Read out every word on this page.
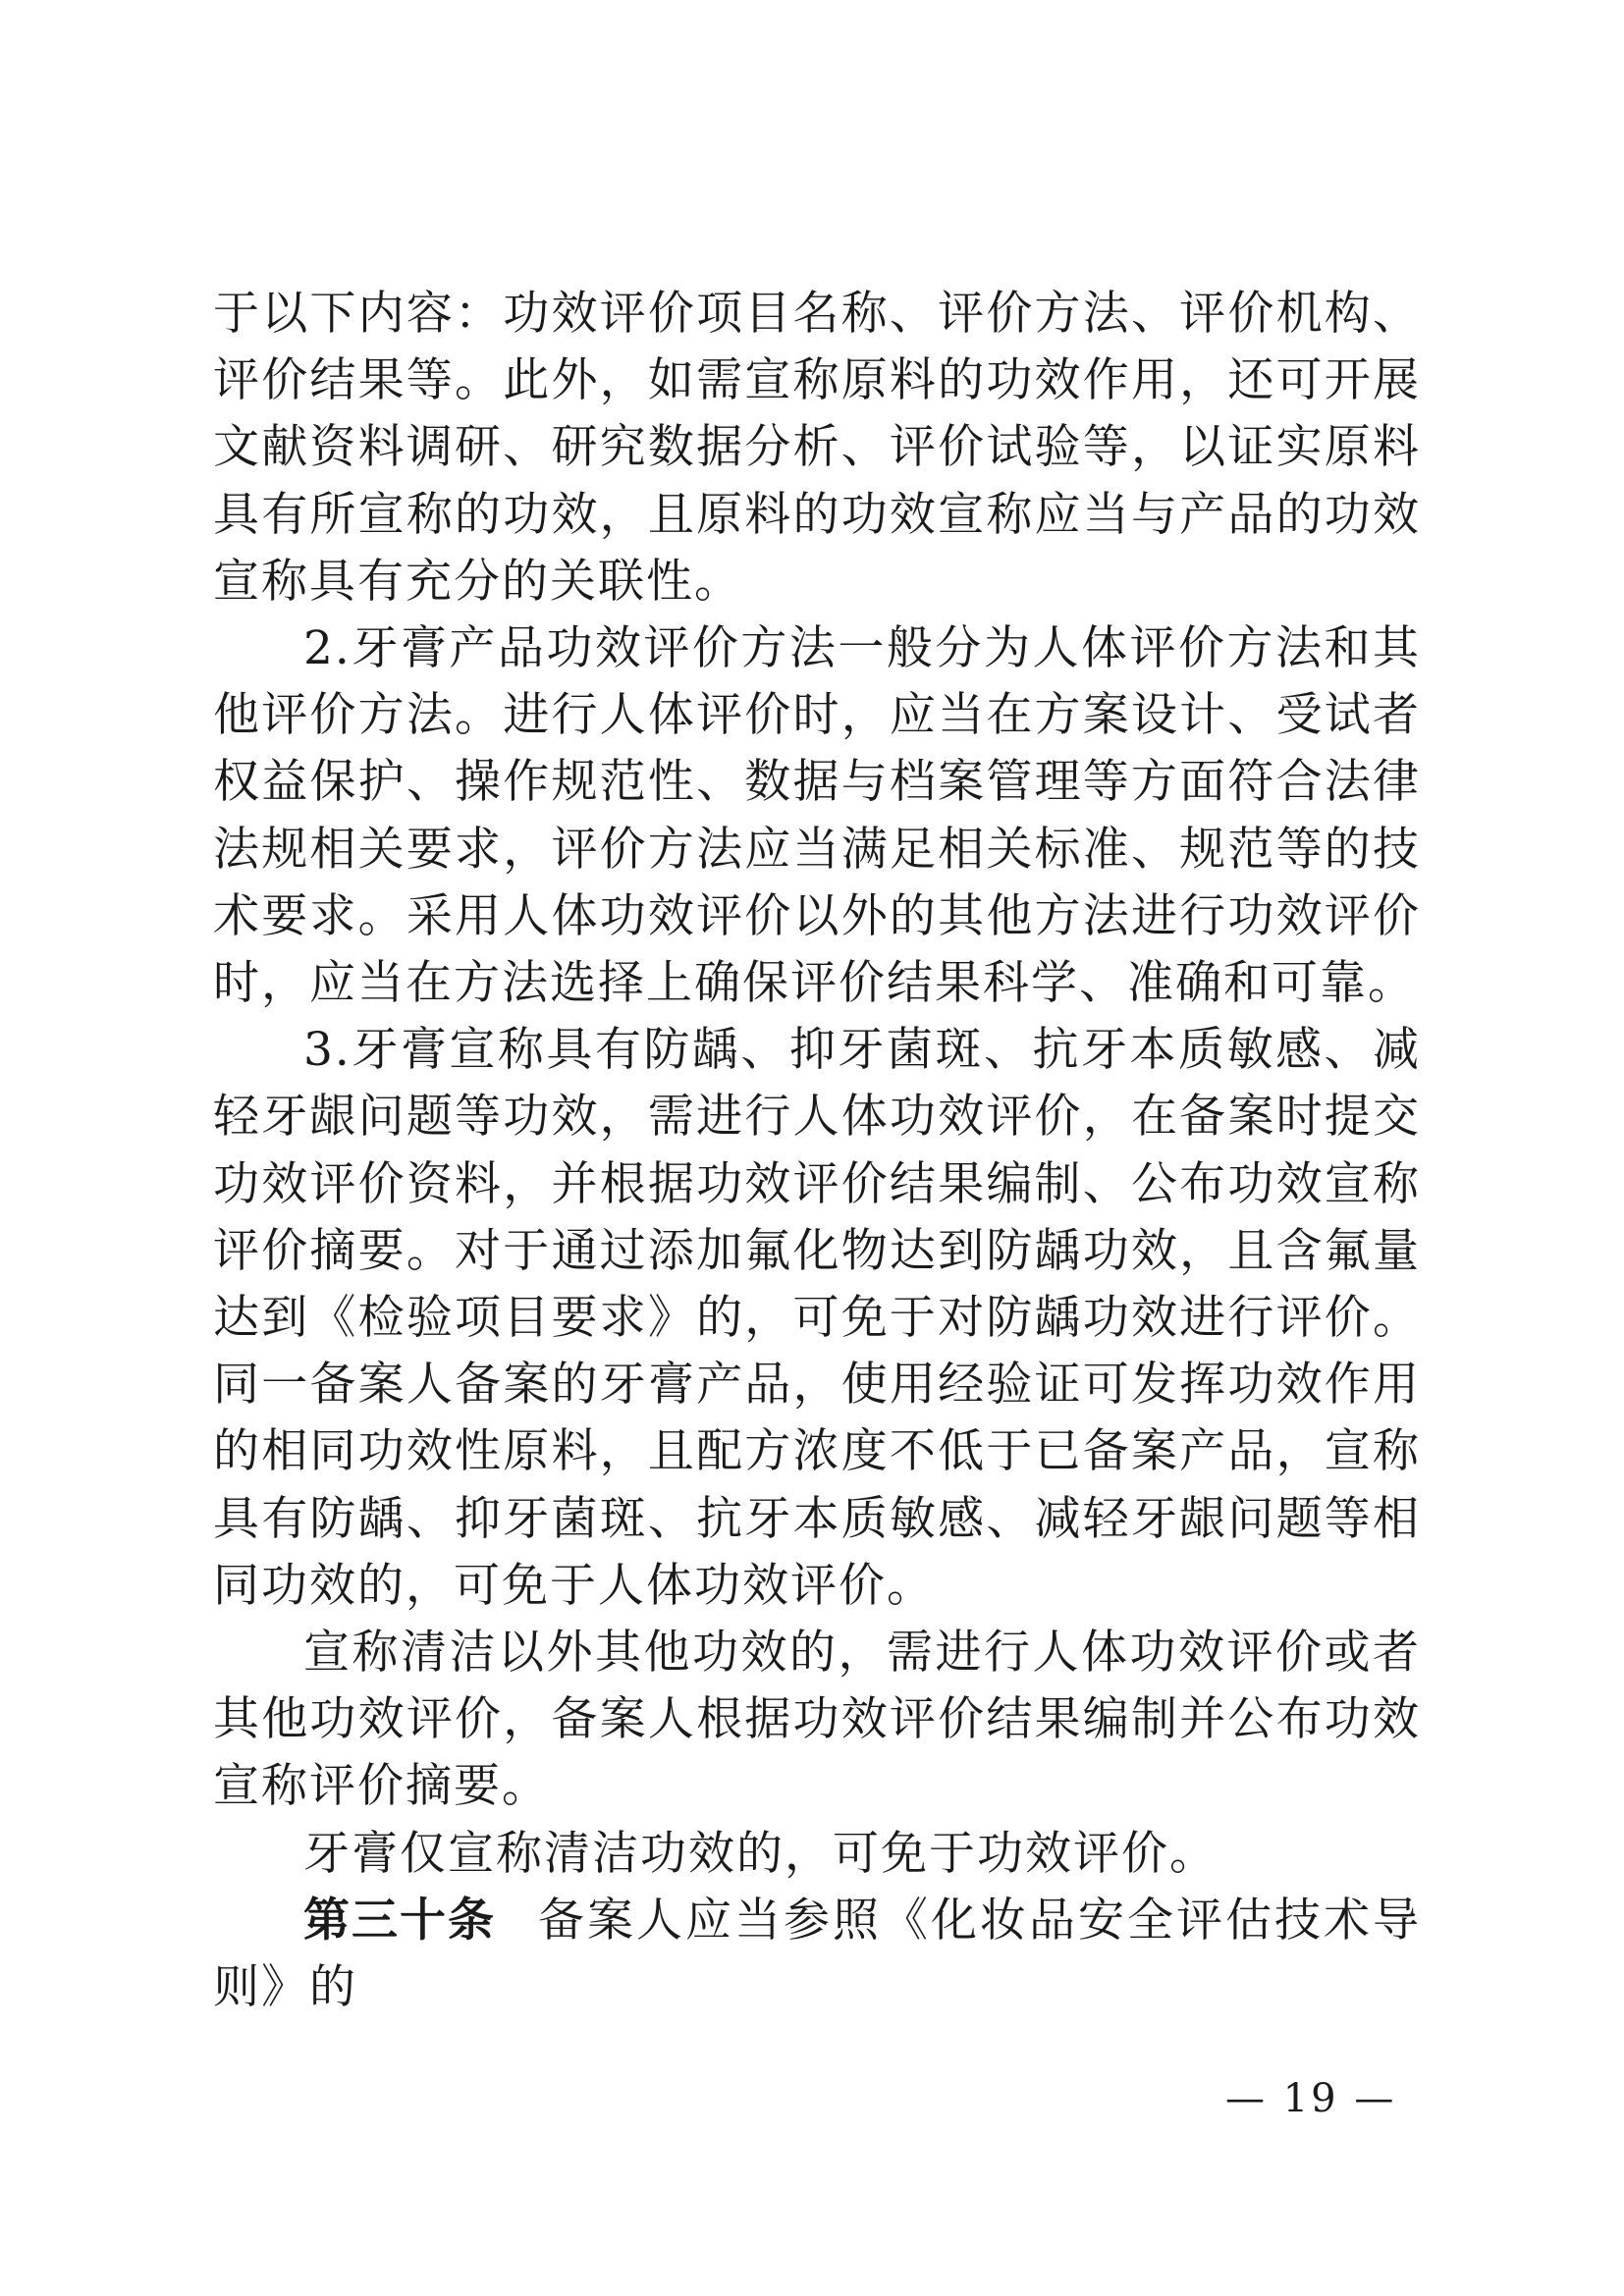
于以下内容：功效评价项目名称、评价方法、评价机构、评价结果等。此外，如需宣称原料的功效作用，还可开展文献资料调研、研究数据分析、评价试验等，以证实原料具有所宣称的功效，且原料的功效宣称应当与产品的功效宣称具有充分的关联性。

2.牙膏产品功效评价方法一般分为人体评价方法和其他评价方法。进行人体评价时，应当在方案设计、受试者权益保护、操作规范性、数据与档案管理等方面符合法律法规相关要求，评价方法应当满足相关标准、规范等的技术要求。采用人体功效评价以外的其他方法进行功效评价时，应当在方法选择上确保评价结果科学、准确和可靠。

3.牙膏宣称具有防龋、抑牙菌斑、抗牙本质敏感、减轻牙龈问题等功效，需进行人体功效评价，在备案时提交功效评价资料，并根据功效评价结果编制、公布功效宣称评价摘要。对于通过添加氟化物达到防龋功效，且含氟量达到《检验项目要求》的，可免于对防龋功效进行评价。同一备案人备案的牙膏产品，使用经验证可发挥功效作用的相同功效性原料，且配方浓度不低于已备案产品，宣称具有防龋、抑牙菌斑、抗牙本质敏感、减轻牙龈问题等相同功效的，可免于人体功效评价。

宣称清洁以外其他功效的，需进行人体功效评价或者其他功效评价，备案人根据功效评价结果编制并公布功效宣称评价摘要。

牙膏仅宣称清洁功效的，可免于功效评价。

第三十条 备案人应当参照《化妆品安全评估技术导则》的

— 19 —
